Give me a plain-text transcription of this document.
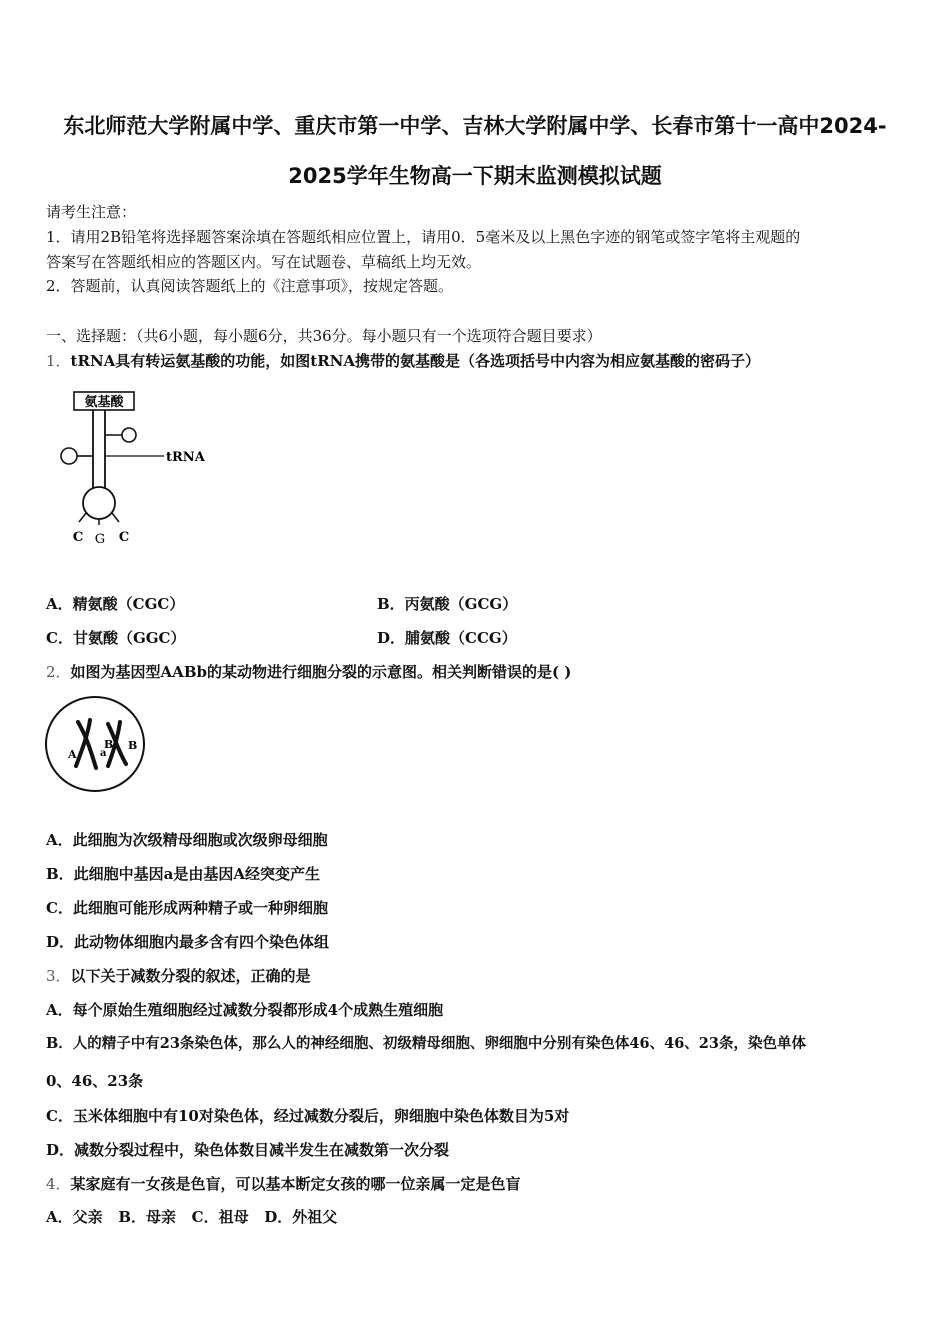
东北师范大学附属中学、重庆市第一中学、吉林大学附属中学、长春市第十一高中2024-
2025学年生物高一下期末监测模拟试题
请考生注意：
1．请用2B铅笔将选择题答案涂填在答题纸相应位置上，请用0．5毫米及以上黑色字迹的钢笔或签字笔将主观题的
答案写在答题纸相应的答题区内。写在试题卷、草稿纸上均无效。
2．答题前，认真阅读答题纸上的《注意事项》，按规定答题。
一、选择题：（共6小题，每小题6分，共36分。每小题只有一个选项符合题目要求）
1．tRNA具有转运氨基酸的功能，如图tRNA携带的氨基酸是（各选项括号中内容为相应氨基酸的密码子）
氨基酸
tRNA
C G C
A．精氨酸（CGC）	B．丙氨酸（GCG）
C．甘氨酸（GGC）	D．脯氨酸（CCG）
2．如图为基因型AABb的某动物进行细胞分裂的示意图。相关判断错误的是( )
A a
B B
A．此细胞为次级精母细胞或次级卵母细胞
B．此细胞中基因a是由基因A经突变产生
C．此细胞可能形成两种精子或一种卵细胞
D．此动物体细胞内最多含有四个染色体组
3．以下关于减数分裂的叙述，正确的是
A．每个原始生殖细胞经过减数分裂都形成4个成熟生殖细胞
B．人的精子中有23条染色体，那么人的神经细胞、初级精母细胞、卵细胞中分别有染色体46、46、23条，染色单体
0、46、23条
C．玉米体细胞中有10对染色体，经过减数分裂后，卵细胞中染色体数目为5对
D．减数分裂过程中，染色体数目减半发生在减数第一次分裂
4．某家庭有一女孩是色盲，可以基本断定女孩的哪一位亲属一定是色盲
A．父亲 B．母亲 C．祖母 D．外祖父
